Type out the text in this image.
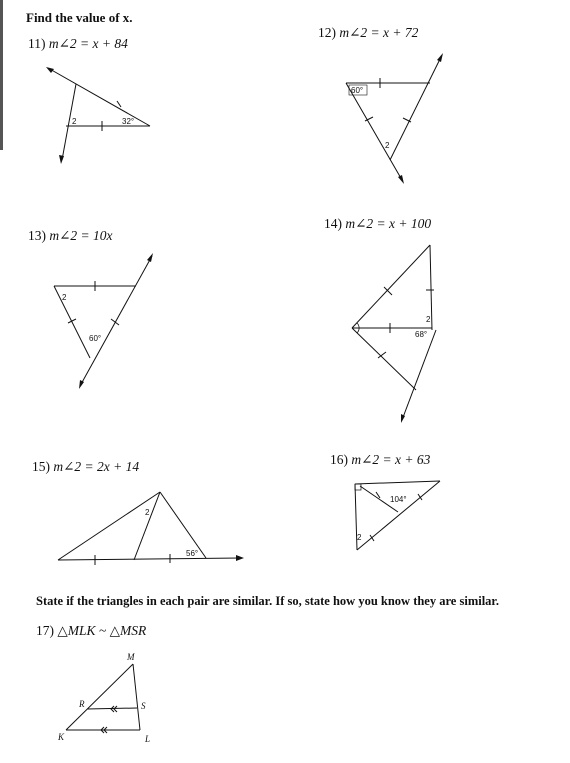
Find the value of x.
11) m∠2 = x + 84
2	32°
12) m∠2 = x + 72
60°
2
13) m∠2 = 10x
2
60°
14) m∠2 = x + 100
2
68°
15) m∠2 = 2x + 14
2
56°
16) m∠2 = x + 63
104°
2
State if the triangles in each pair are similar. If so, state how you know they are similar.
17) △MLK ~ △MSR
M
R	S
K	L
